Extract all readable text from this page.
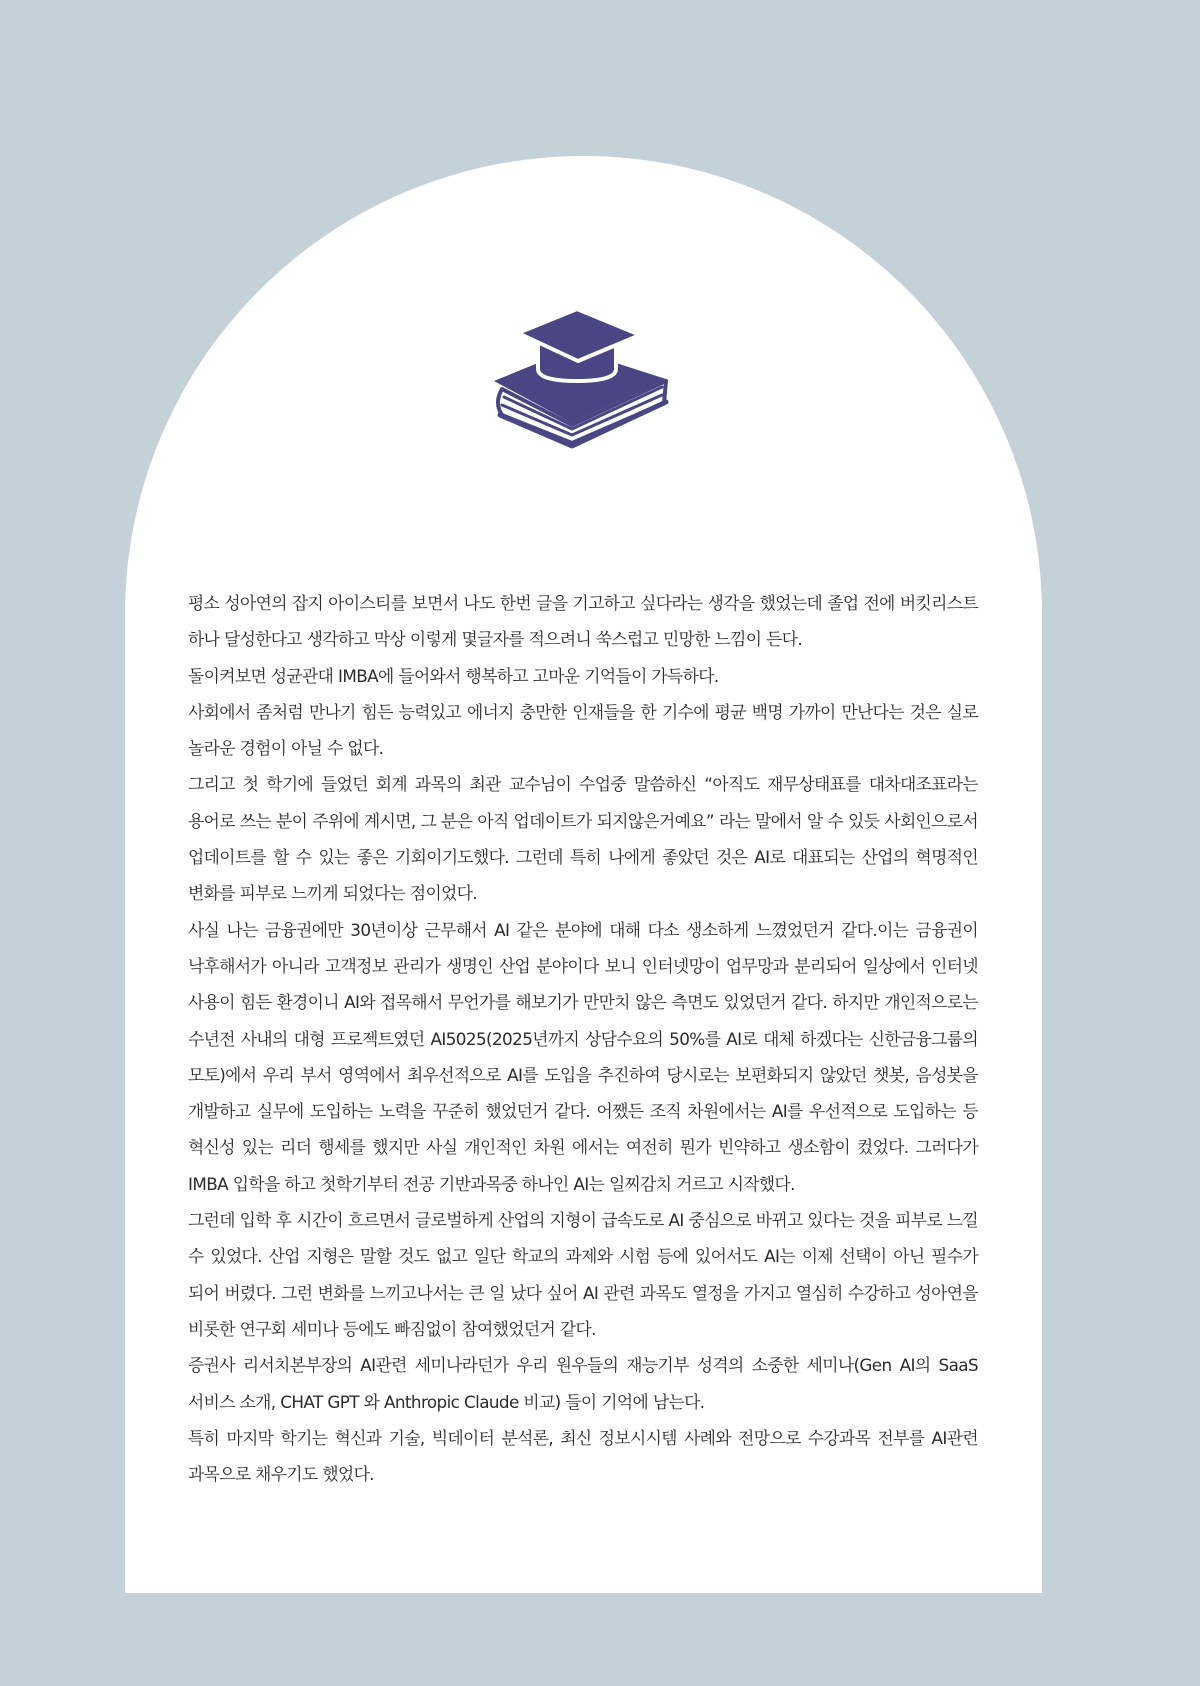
평소 성아연의 잡지 아이스티를 보면서 나도 한번 글을 기고하고 싶다라는 생각을 했었는데 졸업 전에 버킷리스트 하나 달성한다고 생각하고 막상 이렇게 몇글자를 적으려니 쑥스럽고 민망한 느낌이 든다.

돌이켜보면 성균관대 IMBA에 들어와서 행복하고 고마운 기억들이 가득하다.

사회에서 좀처럼 만나기 힘든 능력있고 에너지 충만한 인재들을 한 기수에 평균 백명 가까이 만난다는 것은 실로 놀라운 경험이 아닐 수 없다.

그리고 첫 학기에 들었던 회계 과목의 최관 교수님이 수업중 말씀하신 “아직도 재무상태표를 대차대조표라는 용어로 쓰는 분이 주위에 계시면, 그 분은 아직 업데이트가 되지않은거예요” 라는 말에서 알 수 있듯 사회인으로서 업데이트를 할 수 있는 좋은 기회이기도했다. 그런데 특히 나에게 좋았던 것은 AI로 대표되는 산업의 혁명적인 변화를 피부로 느끼게 되었다는 점이었다.

사실 나는 금융권에만 30년이상 근무해서 AI 같은 분야에 대해 다소 생소하게 느꼈었던거 같다.이는 금융권이 낙후해서가 아니라 고객정보 관리가 생명인 산업 분야이다 보니 인터넷망이 업무망과 분리되어 일상에서 인터넷 사용이 힘든 환경이니 AI와 접목해서 무언가를 해보기가 만만치 않은 측면도 있었던거 같다. 하지만 개인적으로는 수년전 사내의 대형 프로젝트였던 AI5025(2025년까지 상담수요의 50%를 AI로 대체 하겠다는 신한금융그룹의 모토)에서 우리 부서 영역에서 최우선적으로 AI를 도입을 추진하여 당시로는 보편화되지 않았던 챗봇, 음성봇을 개발하고 실무에 도입하는 노력을 꾸준히 했었던거 같다. 어쨌든 조직 차원에서는 AI를 우선적으로 도입하는 등 혁신성 있는 리더 행세를 했지만 사실 개인적인 차원 에서는 여전히 뭔가 빈약하고 생소함이 컸었다. 그러다가 IMBA 입학을 하고 첫학기부터 전공 기반과목중 하나인 AI는 일찌감치 거르고 시작했다.

그런데 입학 후 시간이 흐르면서 글로벌하게 산업의 지형이 급속도로 AI 중심으로 바뀌고 있다는 것을 피부로 느낄 수 있었다. 산업 지형은 말할 것도 없고 일단 학교의 과제와 시험 등에 있어서도 AI는 이제 선택이 아닌 필수가 되어 버렸다. 그런 변화를 느끼고나서는 큰 일 났다 싶어 AI 관련 과목도 열정을 가지고 열심히 수강하고 성아연을 비롯한 연구회 세미나 등에도 빠짐없이 참여했었던거 같다.

증권사 리서치본부장의 AI관련 세미나라던가 우리 원우들의 재능기부 성격의 소중한 세미나(Gen AI의 SaaS 서비스 소개, CHAT GPT 와 Anthropic Claude 비교) 들이 기억에 남는다.

특히 마지막 학기는 혁신과 기술, 빅데이터 분석론, 최신 정보시시템 사례와 전망으로 수강과목 전부를 AI관련 과목으로 채우기도 했었다.
